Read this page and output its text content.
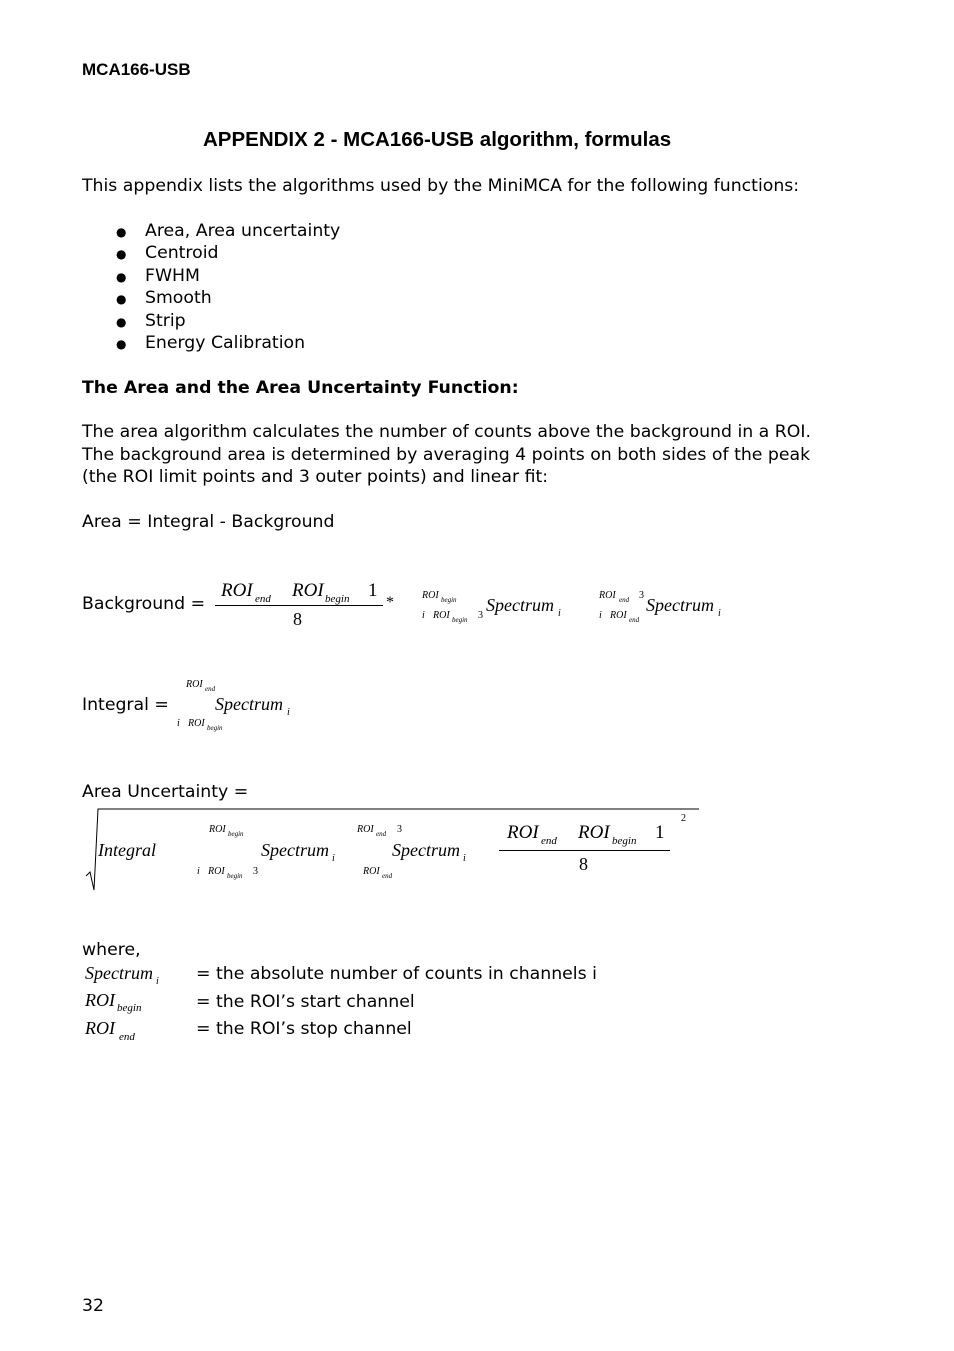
MCA166-USB
APPENDIX 2 - MCA166-USB algorithm, formulas
This appendix lists the algorithms used by the MiniMCA for the following functions:
● Area, Area uncertainty
● Centroid
● FWHM
● Smooth
● Strip
● Energy Calibration
The Area and the Area Uncertainty Function:
The area algorithm calculates the number of counts above the background in a ROI.
The background area is determined by averaging 4 points on both sides of the peak
(the ROI limit points and 3 outer points) and linear fit:
Area = Integral - Background
Background =
ROI end ROI begin 1
8
*	ROI begin
i ROI begin 3
Spectrum i
ROI end 3
i ROI end
Spectrum i
Integral =
ROI end
Spectrum i
i ROI begin
Area Uncertainty =
2
Integral
ROI begin
i ROI begin 3
Spectrum i
ROI end 3
ROI end
Spectrum i
ROI end ROI begin 1
8
where,
Spectrum i = the absolute number of counts in channels i
ROI begin	= the ROI’s start channel
ROI end	= the ROI’s stop channel
32
